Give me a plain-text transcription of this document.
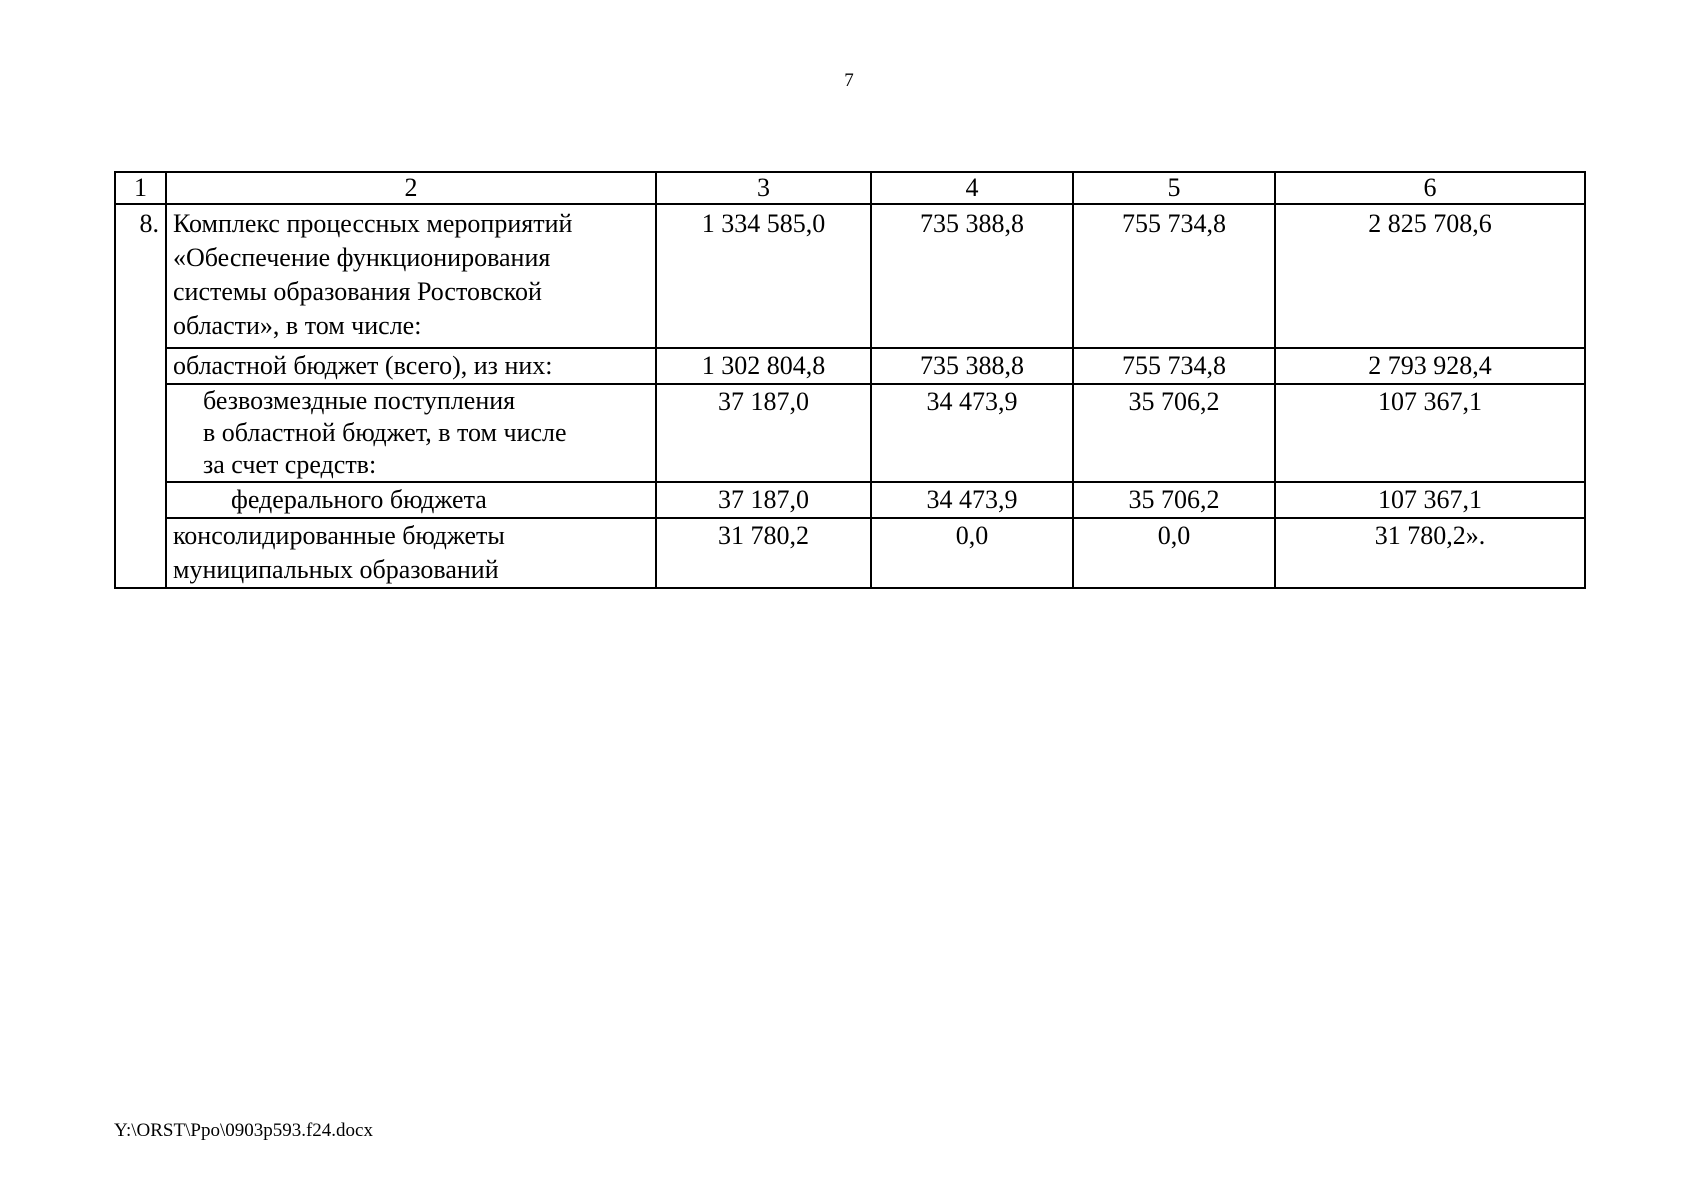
7
1	2	3	4	5	6
8.	Комплекс процессных мероприятий
«Обеспечение функционирования
системы образования Ростовской
области», в том числе:	1 334 585,0	735 388,8	755 734,8	2 825 708,6

	областной бюджет (всего), из них:	1 302 804,8	735 388,8	755 734,8	2 793 928,4

	безвозмездные поступления
в областной бюджет, в том числе
за счет средств:	37 187,0	34 473,9	35 706,2	107 367,1

	федерального бюджета	37 187,0	34 473,9	35 706,2	107 367,1

	консолидированные бюджеты
муниципальных образований	31 780,2	0,0	0,0	31 780,2».
Y:\ORST\Ppo\0903p593.f24.docx
